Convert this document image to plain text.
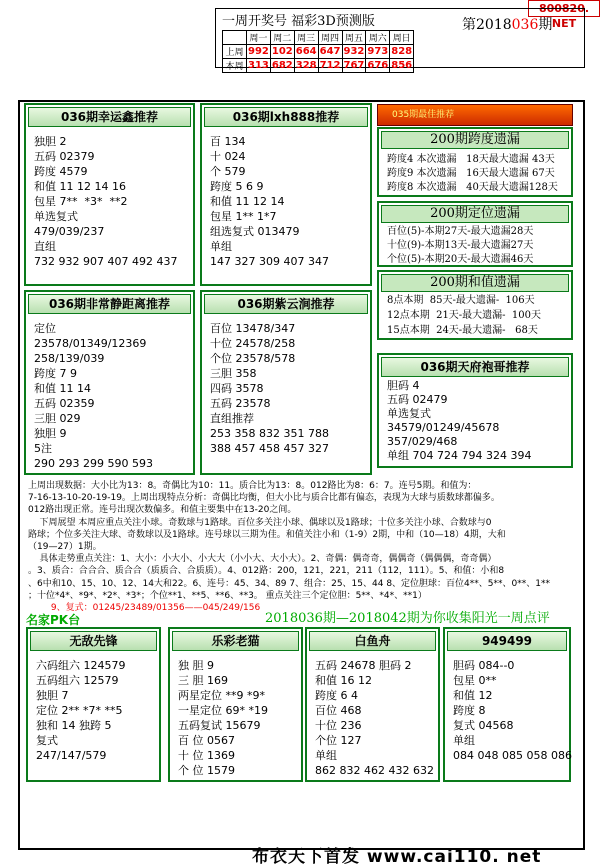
800820. NET
一周开奖号 福彩3D预测版	第2018036期
	周一	周二	周三	周四	周五	周六	周日
上周	992	102	664	647	932	973	828
本周	313	682	328	712	767	676	856
035期最佳推荐
036期幸运鑫推荐
独胆 2
五码 02379
跨度 4579
和值 11 12 14 16
包星 7**  *3*  **2
单选复式
479/039/237
直组
732 932 907 407 492 437
036期lxh888推荐
百 134
十 024
个 579
跨度 5 6 9
和值 11 12 14
包星 1** 1*7
组选复式 013479
单组
147 327 309 407 347
036期非常静距离推荐
定位
23578/01349/12369
258/139/039
跨度 7 9
和值 11 14
五码 02359
三胆 029
独胆 9
5注
290 293 299 590 593
036期紫云涧推荐
百位 13478/347
十位 24578/258
个位 23578/578
三胆 358
四码 3578
五码 23578
直组推荐
253 358 832 351 788
388 457 458 457 327
200期跨度遗漏
跨度4 本次遗漏   18天最大遗漏 43天
跨度9 本次遗漏   16天最大遗漏 67天
跨度8 本次遗漏   40天最大遗漏128天
200期定位遗漏
百位(5)-本期27天-最大遗漏28天
十位(9)-本期13天-最大遗漏27天
个位(5)-本期20天-最大遗漏46天
200期和值遗漏
8点本期  85天-最大遗漏-  106天
12点本期  21天-最大遗漏-  100天
15点本期  24天-最大遗漏-   68天
036期天府袍哥推荐
胆码 4
五码 02479
单选复式
34579/01249/45678
357/029/468
单组 704 724 794 324 394
上周出现数据：大小比为13：8。奇偶比为10：11。质合比为13：8。012路比为8：6：7。连号5期。和值为：
7-16-13-10-20-19-19。上周出现特点分析：奇偶比均衡，但大小比与质合比都有偏态，表现为大球与质数球都偏多。
012路出现正常。连号出现次数偏多。和值主要集中在13-20之间。
下周展望 本周应重点关注小球。奇数球与1路球。百位多关注小球、偶球以及1路球；十位多关注小球、合数球与0
路球；个位多关注大球、奇数球以及1路球。连号球以三期为佳。和值关注小和（1-9）2期，中和（10—18）4期，大和
（19—27）1期。
具体走势重点关注：1、大小：小大小、小大大（小小大、大小大）。2、奇偶：偶奇奇，偶偶奇（偶偶偶，奇奇偶）
。3、质合：合合合、质合合（质质合、合质质）。4、012路：200，121，221，211（112，111）。5、和值：小和8
、6中和10、15、10、12、14大和22。6、连号：45、34、89 7、组合：25、15、44 8、定位胆球：百位4**、5**、0**、1**
；十位*4*、*9*、*2*、*3*；个位**1、**5、**6、**3。 重点关注三个定位胆：5**、*4*、**1）
9、复式：01245/23489/01356——045/249/156
名家PK台	2018036期—2018042期为你收集阳光一周点评
无敌先锋
六码组六 124579
五码组六 12579
独胆 7
定位 2** *7* **5
独和 14 独跨 5
复式
247/147/579
乐彩老猫
独 胆 9
三 胆 169
两星定位 **9 *9*
一星定位 69* *19
五码复试 15679
百 位 0567
十 位 1369
个 位 1579
白鱼舟
五码 24678 胆码 2
和值 16 12
跨度 6 4
百位 468
十位 236
个位 127
单组
862 832 462 432 632
949499
胆码 084--0
包星 0**
和值 12
跨度 8
复式 04568
单组
084 048 085 058 086
布衣天下首发 www.cai110. net
